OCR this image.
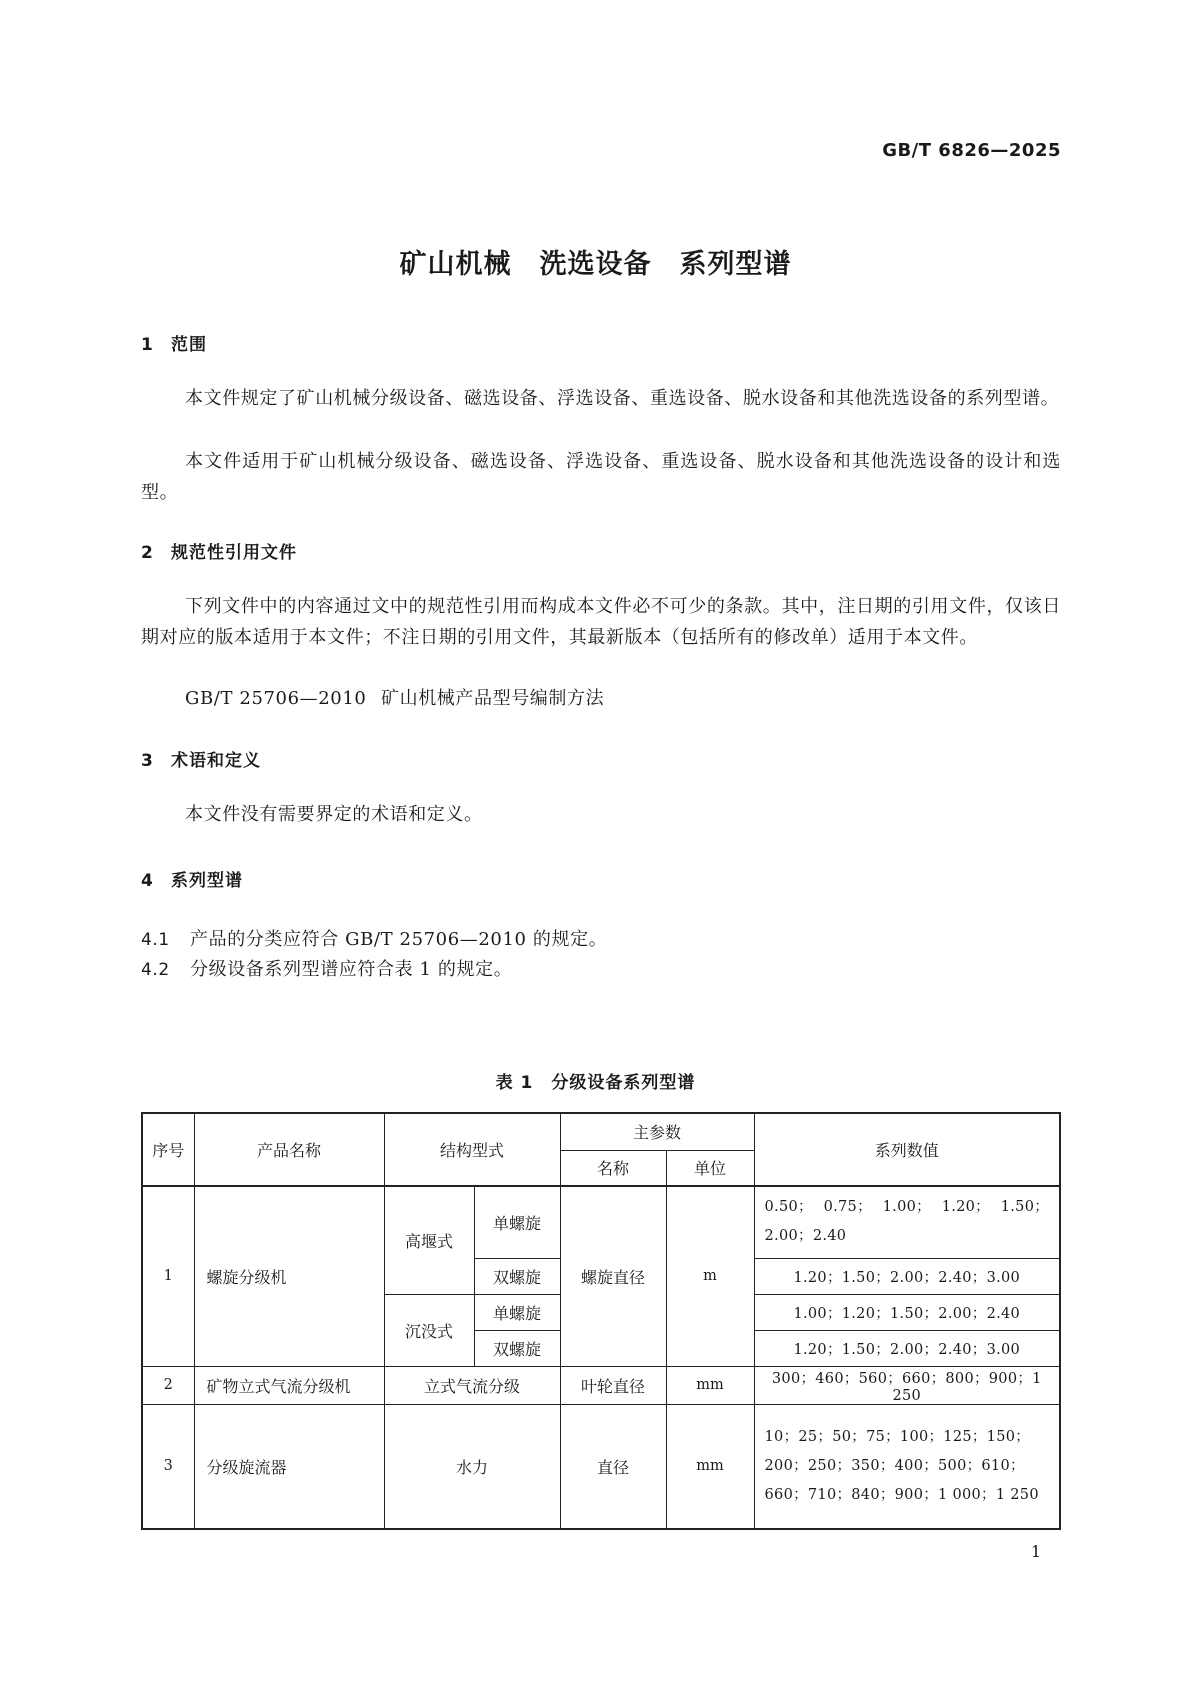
GB/T 6826—2025
矿山机械　洗选设备　系列型谱
1 范围
本文件规定了矿山机械分级设备、磁选设备、浮选设备、重选设备、脱水设备和其他洗选设备的系列型谱。
本文件适用于矿山机械分级设备、磁选设备、浮选设备、重选设备、脱水设备和其他洗选设备的设计和选型。
2 规范性引用文件
下列文件中的内容通过文中的规范性引用而构成本文件必不可少的条款。其中，注日期的引用文件，仅该日期对应的版本适用于本文件；不注日期的引用文件，其最新版本（包括所有的修改单）适用于本文件。
GB/T 25706—2010 矿山机械产品型号编制方法
3 术语和定义
本文件没有需要界定的术语和定义。
4 系列型谱
4.1 产品的分类应符合 GB/T 25706—2010 的规定。
4.2 分级设备系列型谱应符合表 1 的规定。
表 1　分级设备系列型谱
序号	产品名称	结构型式		主参数		系列数值
				名称	单位	
1	螺旋分级机	高堰式	单螺旋	螺旋直径	m	0.50； 0.75； 1.00； 1.20； 1.50；2.00；2.40
			双螺旋			1.20；1.50；2.00；2.40；3.00
		沉没式	单螺旋			1.00；1.20；1.50；2.00；2.40
			双螺旋			1.20；1.50；2.00；2.40；3.00
2	矿物立式气流分级机	立式气流分级		叶轮直径	mm	300；460；560；660；800；900；1 250
3	分级旋流器	水力		直径	mm	10；25；50；75；100；125；150；200；250；350；400；500；610；660；710；840；900；1 000；1 250
1
